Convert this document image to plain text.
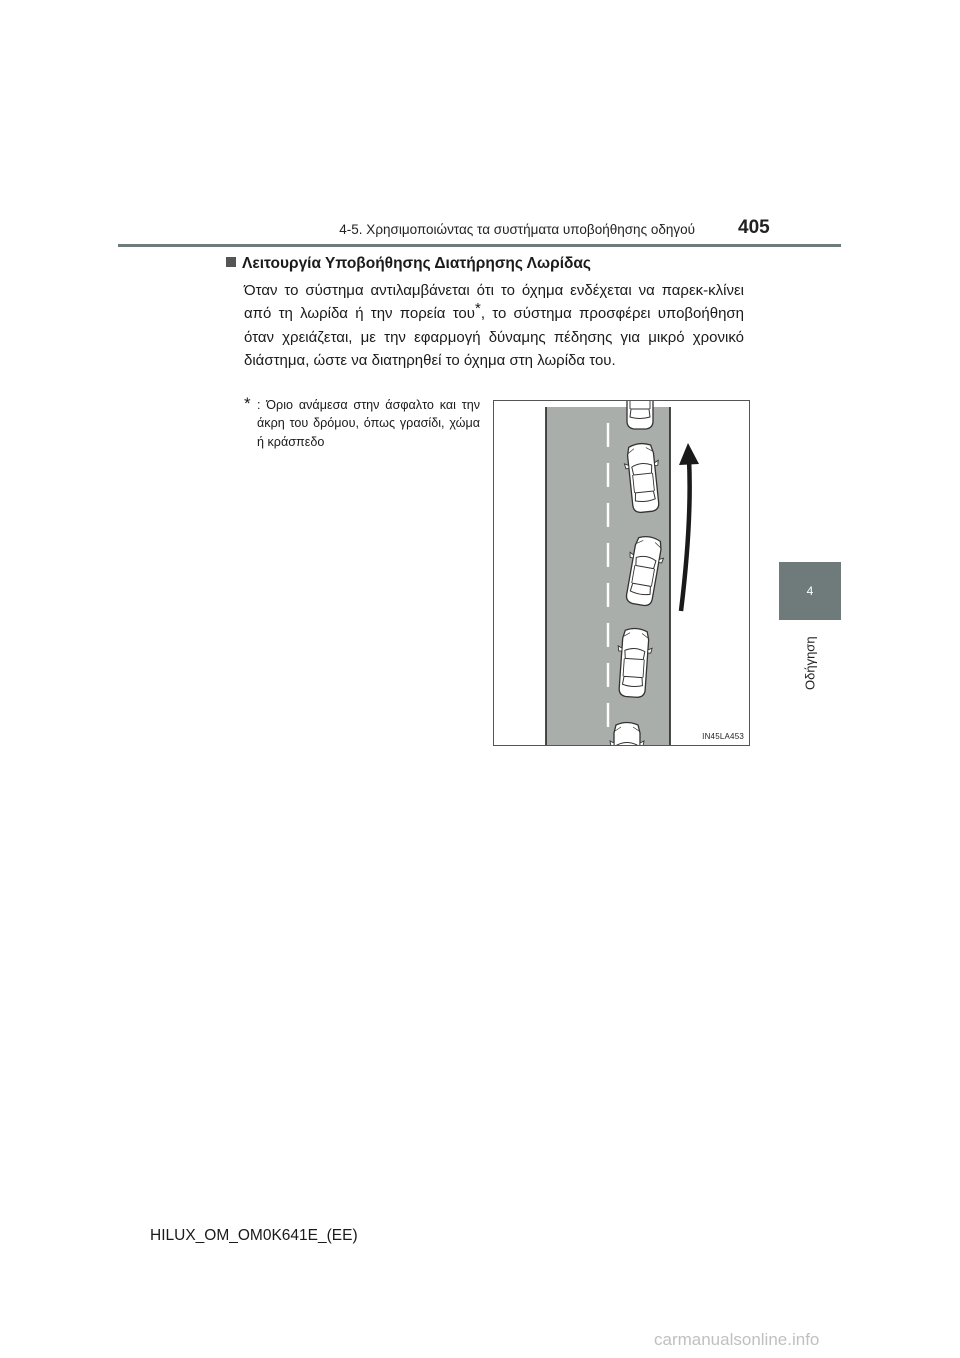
4-5. Χρησιμοποιώντας τα συστήματα υποβοήθησης οδηγού 405
4
Οδήγηση
Λειτουργία Υποβοήθησης Διατήρησης Λωρίδας
Όταν το σύστημα αντιλαμβάνεται ότι το όχημα ενδέχεται να παρεκ-κλίνει από τη λωρίδα ή την πορεία του*, το σύστημα προσφέρει υποβοήθηση όταν χρειάζεται, με την εφαρμογή δύναμης πέδησης για μικρό χρονικό διάστημα, ώστε να διατηρηθεί το όχημα στη λωρίδα του.
* : Όριο ανάμεσα στην άσφαλτο και την άκρη του δρόμου, όπως γρασίδι, χώμα ή κράσπεδο
IN45LA453
HILUX_OM_OM0K641E_(EE)
carmanualsonline.info
